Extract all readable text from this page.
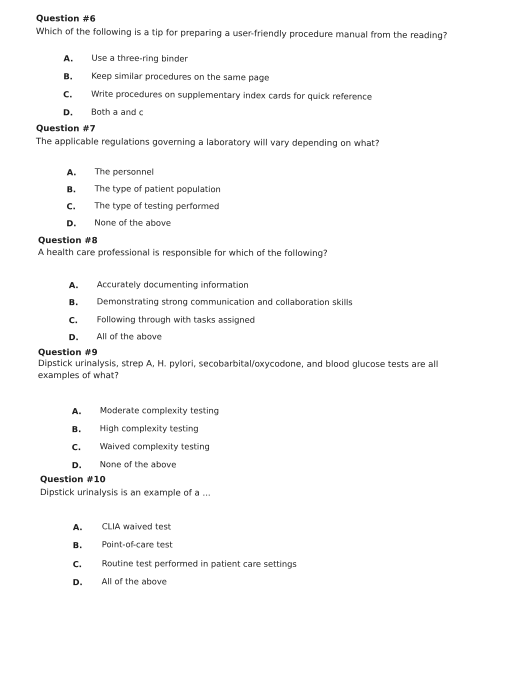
Question #6
Which of the following is a tip for preparing a user-friendly procedure manual from the reading?
A. Use a three-ring binder
B. Keep similar procedures on the same page
C. Write procedures on supplementary index cards for quick reference
D. Both a and c
Question #7
The applicable regulations governing a laboratory will vary depending on what?
A. The personnel
B. The type of patient population
C. The type of testing performed
D. None of the above
Question #8
A health care professional is responsible for which of the following?
A. Accurately documenting information
B. Demonstrating strong communication and collaboration skills
C. Following through with tasks assigned
D. All of the above
Question #9
Dipstick urinalysis, strep A, H. pylori, secobarbital/oxycodone, and blood glucose tests are all examples of what?
A. Moderate complexity testing
B. High complexity testing
C. Waived complexity testing
D. None of the above
Question #10
Dipstick urinalysis is an example of a ...
A. CLIA waived test
B. Point-of-care test
C. Routine test performed in patient care settings
D. All of the above
